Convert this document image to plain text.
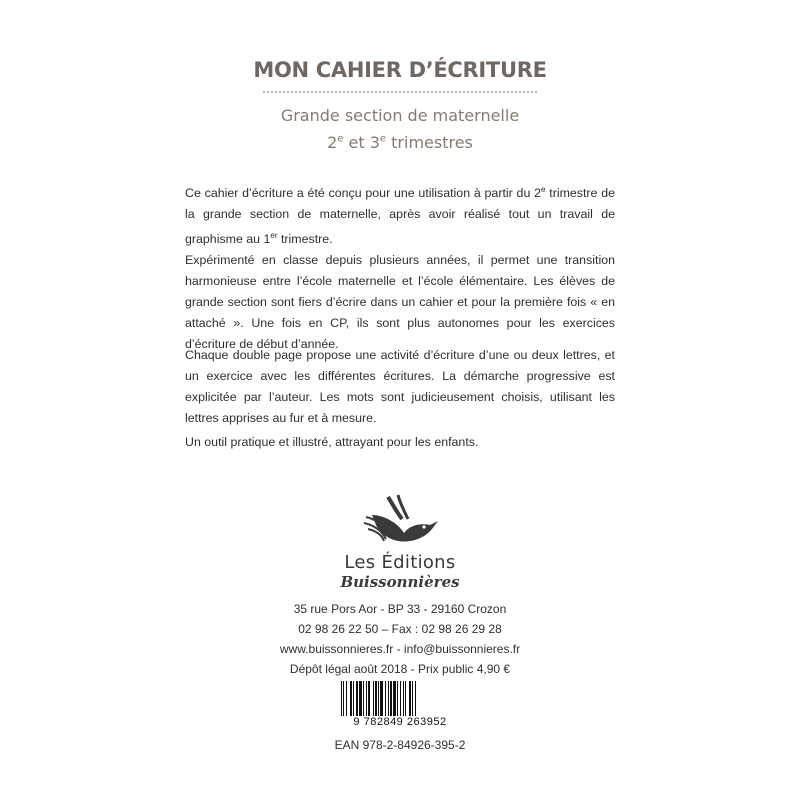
MON CAHIER D’ÉCRITURE
Grande section de maternelle
2e et 3e trimestres

Ce cahier d’écriture a été conçu pour une utilisation à partir du 2e trimestre de la grande section de maternelle, après avoir réalisé tout un travail de graphisme au 1er trimestre.

Expérimenté en classe depuis plusieurs années, il permet une transition harmonieuse entre l’école maternelle et l’école élémentaire. Les élèves de grande section sont fiers d’écrire dans un cahier et pour la première fois « en attaché ». Une fois en CP, ils sont plus autonomes pour les exercices d’écriture de début d’année.

Chaque double page propose une activité d’écriture d’une ou deux lettres, et un exercice avec les différentes écritures. La démarche progressive est explicitée par l’auteur. Les mots sont judicieusement choisis, utilisant les lettres apprises au fur et à mesure.

Un outil pratique et illustré, attrayant pour les enfants.

Les Éditions
Buissonnières
35 rue Pors Aor - BP 33 - 29160 Crozon
02 98 26 22 50 – Fax : 02 98 26 29 28
www.buissonnieres.fr - info@buissonnieres.fr
Dépôt légal août 2018 - Prix public 4,90 €
9 782849 263952
EAN 978-2-84926-395-2
